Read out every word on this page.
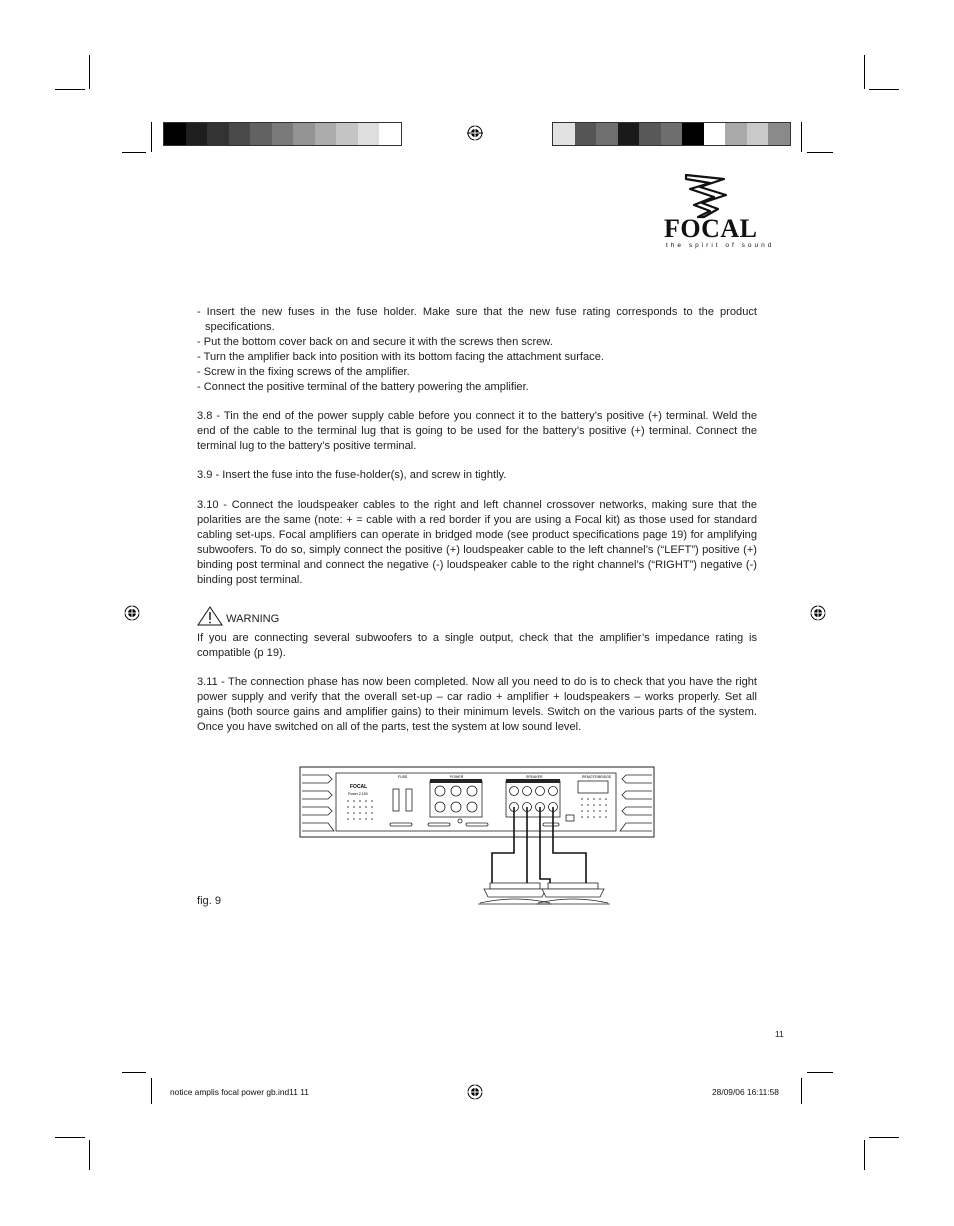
FOCAL
the spirit of sound
- Insert the new fuses in the fuse holder. Make sure that the new fuse rating corresponds to the product specifications.
- Put the bottom cover back on and secure it with the screws then screw.
- Turn the amplifier back into position with its bottom facing the attachment surface.
- Screw in the fixing screws of the amplifier.
- Connect the positive terminal of the battery powering the amplifier.
3.8 - Tin the end of the power supply cable before you connect it to the battery’s positive (+) terminal. Weld the end of the cable to the terminal lug that is going to be used for the battery’s positive (+) terminal. Connect the terminal lug to the battery’s positive terminal.
3.9 - Insert the fuse into the fuse-holder(s), and screw in tightly.
3.10 - Connect the loudspeaker cables to the right and left channel crossover networks, making sure that the polarities are the same (note: + = cable with a red border if you are using a Focal kit) as those used for standard cabling set-ups. Focal amplifiers can operate in bridged mode (see product specifications page 19) for amplifying subwoofers. To do so, simply connect the positive (+) loudspeaker cable to the left channel’s (“LEFT”) positive (+) binding post terminal and connect the negative (-) loudspeaker cable to the right channel’s (“RIGHT”) negative (-) binding post terminal.
WARNING
If you are connecting several subwoofers to a single output, check that the amplifier’s impedance rating is compatible (p 19).
3.11 - The connection phase has now been completed. Now all you need to do is to check that you have the right power supply and verify that the overall set-up – car radio + amplifier + loudspeakers – works properly. Set all gains (both source gains and amplifier gains) to their minimum levels. Switch on the various parts of the system. Once you have switched on all of the parts, test the system at low sound level.
FOCAL
Power 2.150
FUSE	POWER	SPEAKER	REMOTE/BRIDGE
fig. 9
11
notice amplis focal power gb.ind11 11	28/09/06 16:11:58
